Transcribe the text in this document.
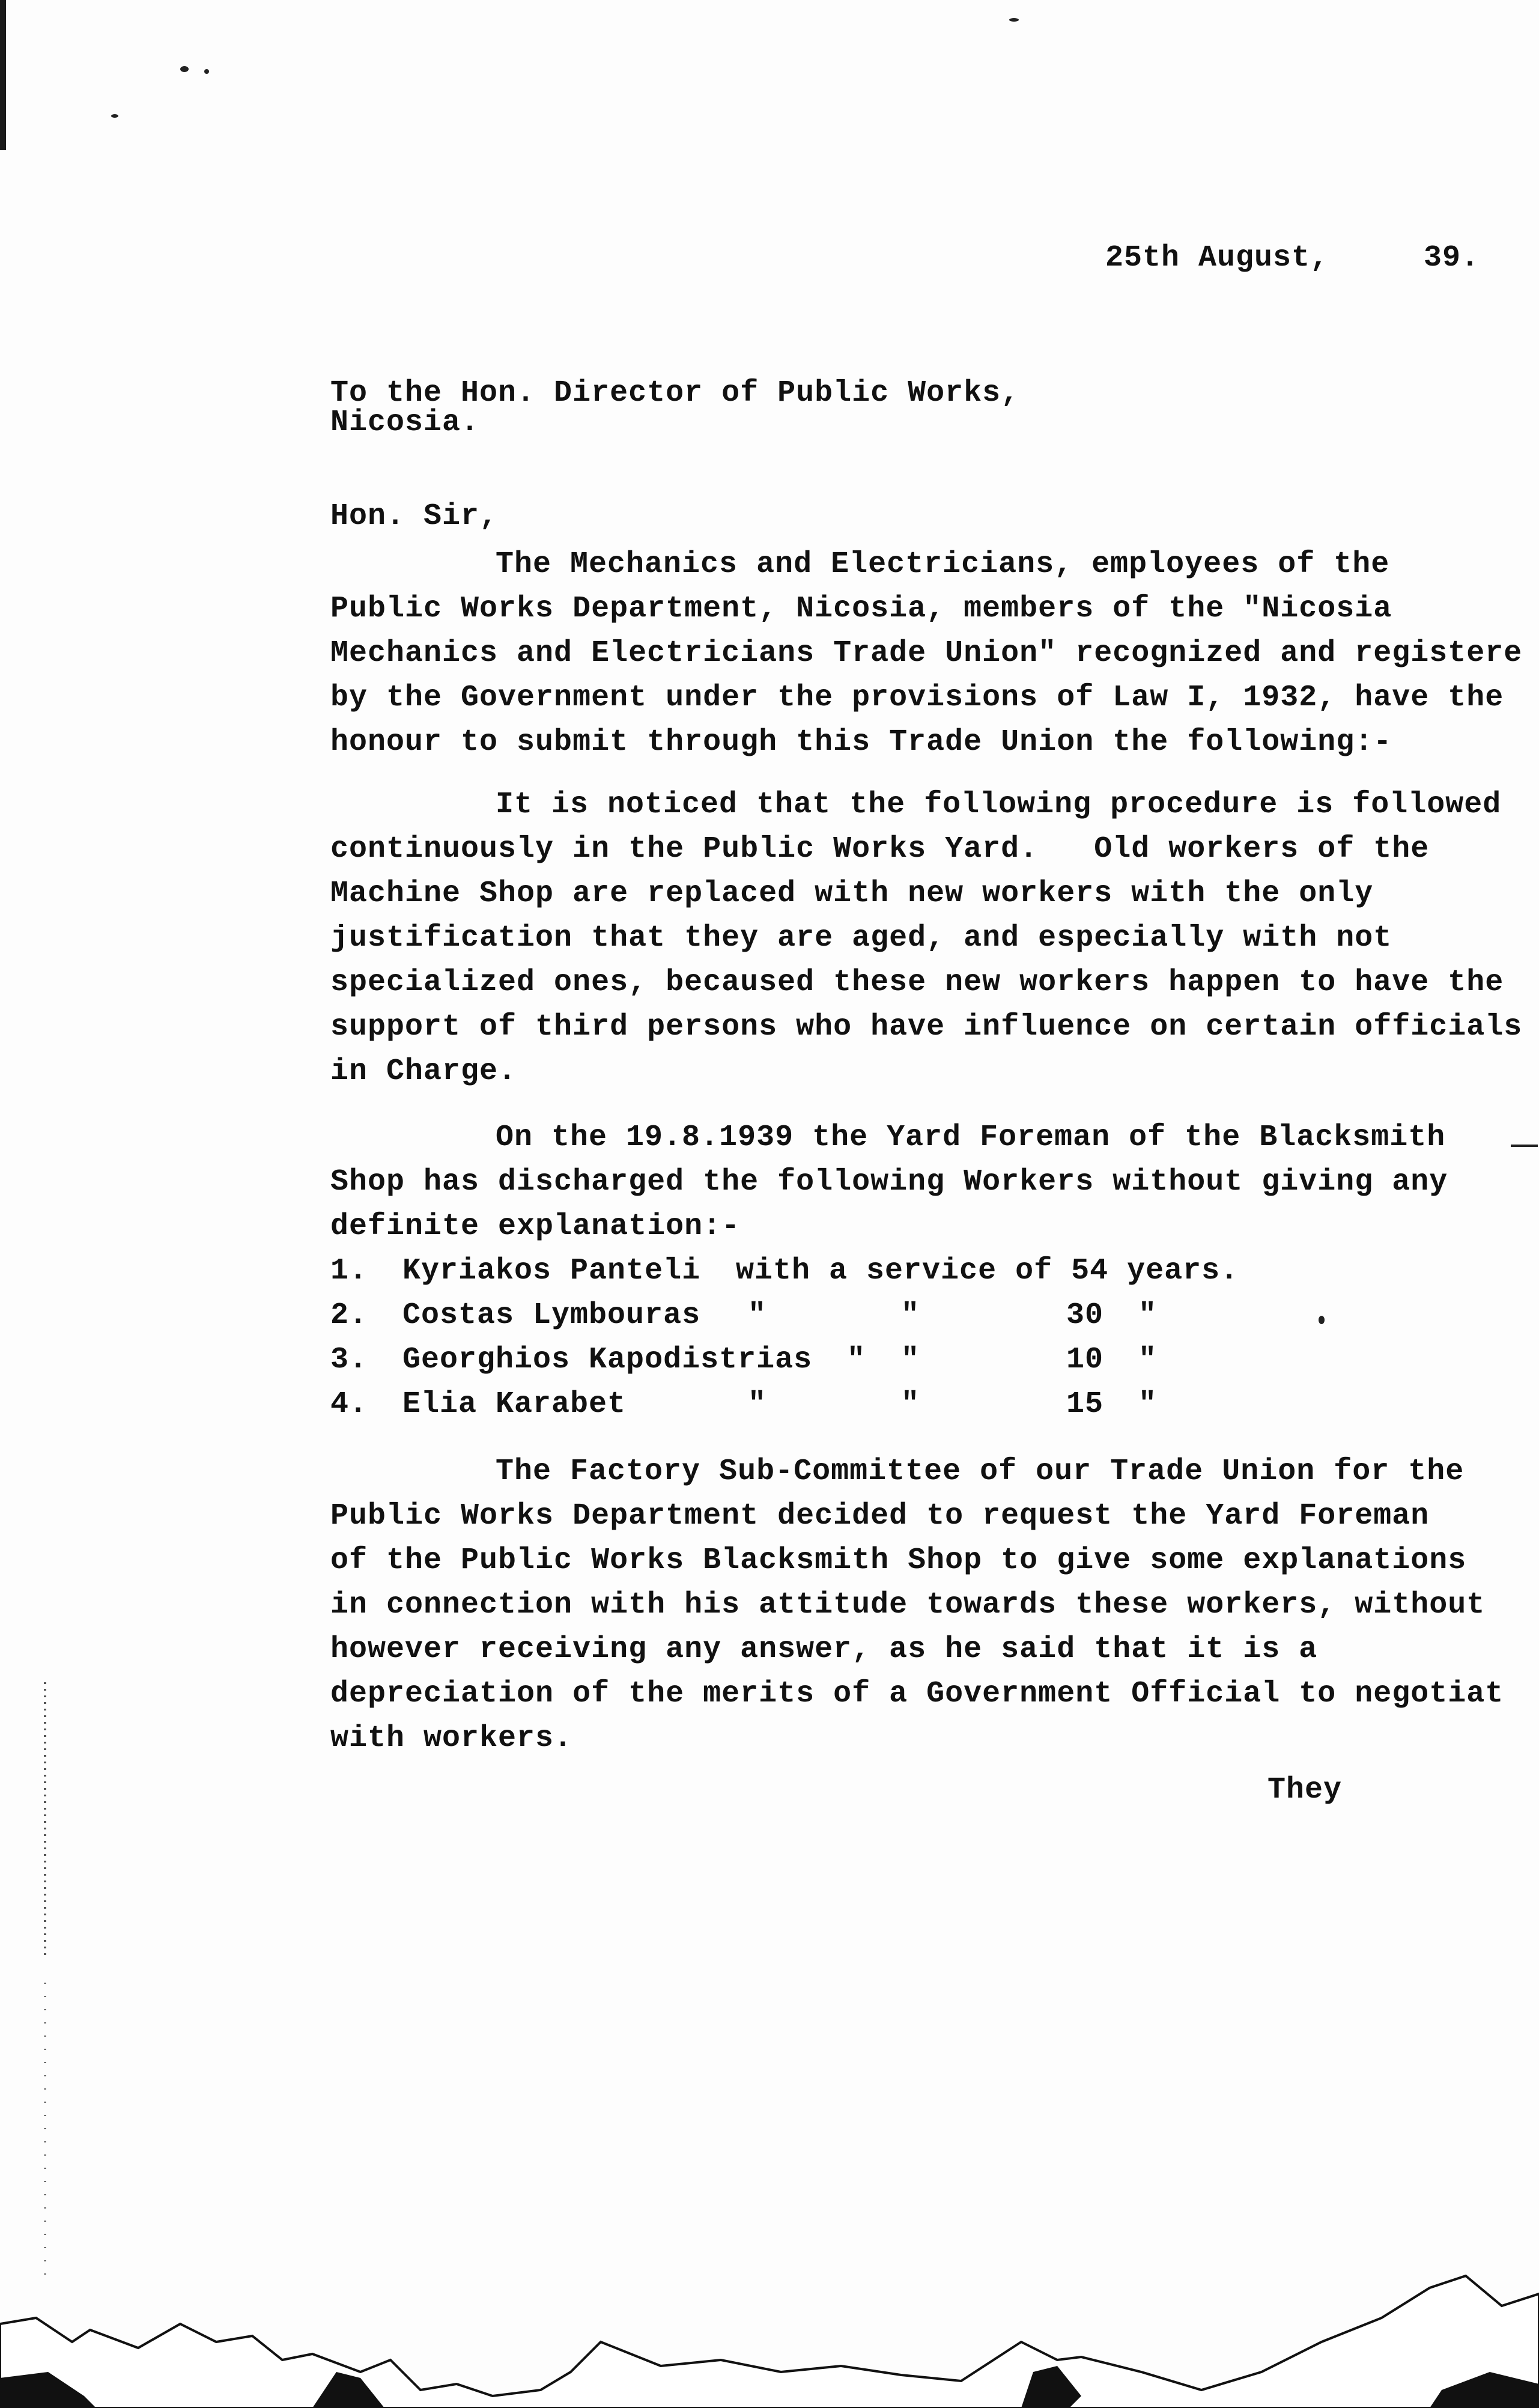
25th August,	39.
To the Hon. Director of Public Works,
Nicosia.
Hon. Sir,
The Mechanics and Electricians, employees of the
Public Works Department, Nicosia, members of the "Nicosia
Mechanics and Electricians Trade Union" recognized and registere
by the Government under the provisions of Law I, 1932, have the
honour to submit through this Trade Union the following:-
It is noticed that the following procedure is followed
continuously in the Public Works Yard.   Old workers of the
Machine Shop are replaced with new workers with the only
justification that they are aged, and especially with not
specialized ones, becaused these new workers happen to have the
support of third persons who have influence on certain officials
in Charge.
On the 19.8.1939 the Yard Foreman of the Blacksmith
Shop has discharged the following Workers without giving any
definite explanation:-
1. Kyriakos Panteli with a service of 54 years.
2. Costas Lymbouras "	"	30 "
3. Georghios Kapodistrias " "	10 "
4. Elia Karabet	"	"	15 "
The Factory Sub-Committee of our Trade Union for the
Public Works Department decided to request the Yard Foreman
of the Public Works Blacksmith Shop to give some explanations
in connection with his attitude towards these workers, without
however receiving any answer, as he said that it is a
depreciation of the merits of a Government Official to negotiat
with workers.
They
